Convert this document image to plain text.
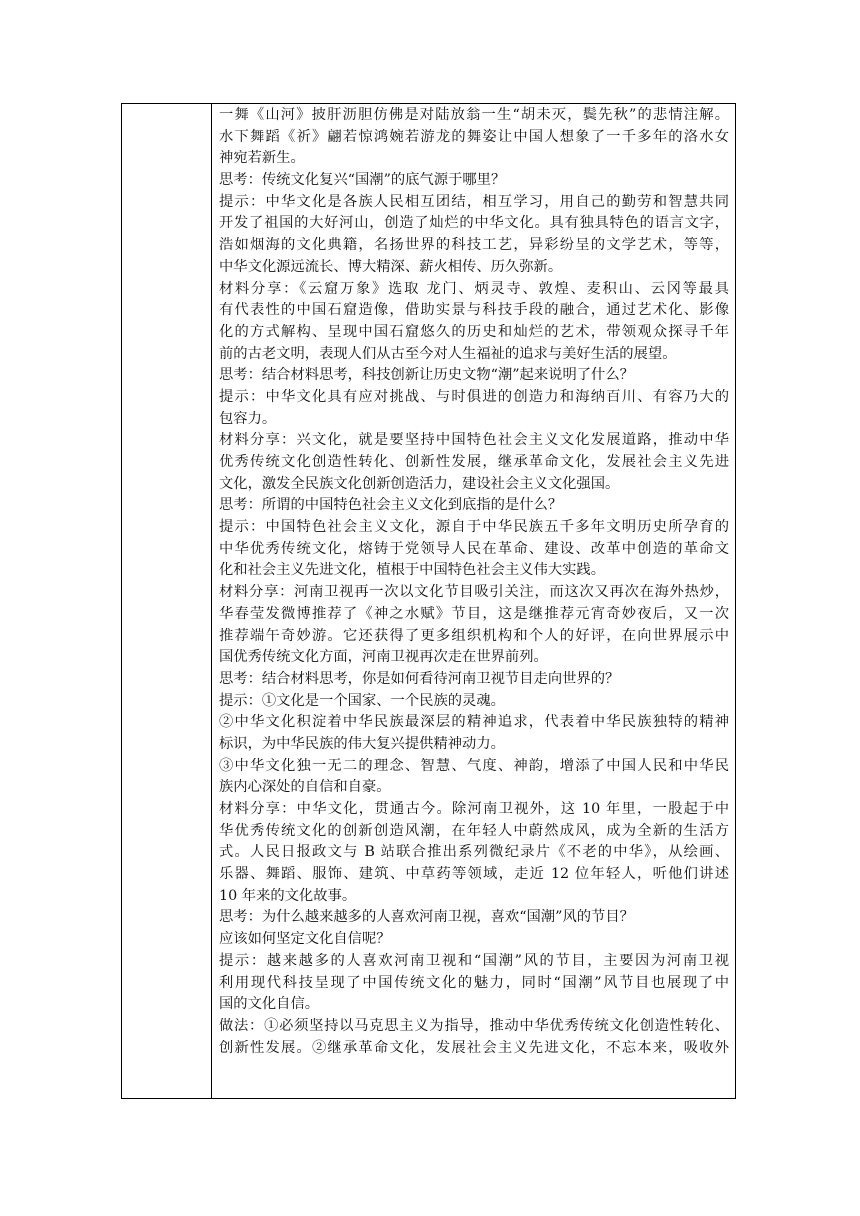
一舞《山河》披肝沥胆仿佛是对陆放翁一生“胡未灭，鬓先秋”的悲情注解。
水下舞蹈《祈》翩若惊鸿婉若游龙的舞姿让中国人想象了一千多年的洛水女
神宛若新生。
思考：传统文化复兴“国潮”的底气源于哪里？
提示：中华文化是各族人民相互团结，相互学习，用自己的勤劳和智慧共同
开发了祖国的大好河山，创造了灿烂的中华文化。具有独具特色的语言文字，
浩如烟海的文化典籍，名扬世界的科技工艺，异彩纷呈的文学艺术，等等，
中华文化源远流长、博大精深、薪火相传、历久弥新。
材料分享：《云窟万象》选取 龙门、炳灵寺、敦煌、麦积山、云冈等最具
有代表性的中国石窟造像，借助实景与科技手段的融合，通过艺术化、影像
化的方式解构、呈现中国石窟悠久的历史和灿烂的艺术，带领观众探寻千年
前的古老文明，表现人们从古至今对人生福祉的追求与美好生活的展望。
思考：结合材料思考，科技创新让历史文物“潮”起来说明了什么？
提示：中华文化具有应对挑战、与时俱进的创造力和海纳百川、有容乃大的
包容力。
材料分享：兴文化，就是要坚持中国特色社会主义文化发展道路，推动中华
优秀传统文化创造性转化、创新性发展，继承革命文化，发展社会主义先进
文化，激发全民族文化创新创造活力，建设社会主义文化强国。
思考：所谓的中国特色社会主义文化到底指的是什么？
提示：中国特色社会主义文化，源自于中华民族五千多年文明历史所孕育的
中华优秀传统文化，熔铸于党领导人民在革命、建设、改革中创造的革命文
化和社会主义先进文化，植根于中国特色社会主义伟大实践。
材料分享：河南卫视再一次以文化节目吸引关注，而这次又再次在海外热炒，
华春莹发微博推荐了《神之水赋》节目，这是继推荐元宵奇妙夜后，又一次
推荐端午奇妙游。它还获得了更多组织机构和个人的好评，在向世界展示中
国优秀传统文化方面，河南卫视再次走在世界前列。
思考：结合材料思考，你是如何看待河南卫视节目走向世界的？
提示：①文化是一个国家、一个民族的灵魂。
②中华文化积淀着中华民族最深层的精神追求，代表着中华民族独特的精神
标识，为中华民族的伟大复兴提供精神动力。
③中华文化独一无二的理念、智慧、气度、神韵，增添了中国人民和中华民
族内心深处的自信和自豪。
材料分享：中华文化，贯通古今。除河南卫视外，这 10 年里，一股起于中
华优秀传统文化的创新创造风潮，在年轻人中蔚然成风，成为全新的生活方
式。人民日报政文与 B 站联合推出系列微纪录片《不老的中华》，从绘画、
乐器、舞蹈、服饰、建筑、中草药等领域，走近 12 位年轻人，听他们讲述
10 年来的文化故事。
思考：为什么越来越多的人喜欢河南卫视，喜欢“国潮”风的节目？
应该如何坚定文化自信呢？
提示：越来越多的人喜欢河南卫视和“国潮”风的节目，主要因为河南卫视
利用现代科技呈现了中国传统文化的魅力，同时“国潮”风节目也展现了中
国的文化自信。
做法：①必须坚持以马克思主义为指导，推动中华优秀传统文化创造性转化、
创新性发展。②继承革命文化，发展社会主义先进文化，不忘本来，吸收外
